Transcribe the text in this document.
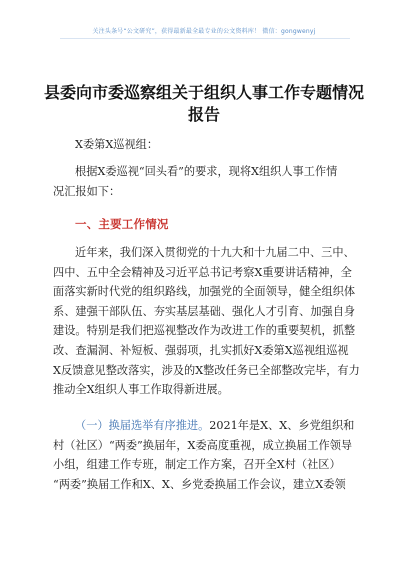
关注头条号“公文研究”，获得最新最全最专业的公文资料库！ 微信：gongwenyj
县委向市委巡察组关于组织人事工作专题情况
报告
X委第X巡视组：
根据X委巡视“回头看”的要求，现将X组织人事工作情
况汇报如下：
一、主要工作情况
近年来，我们深入贯彻党的十九大和十九届二中、三中、
四中、五中全会精神及习近平总书记考察X重要讲话精神，全
面落实新时代党的组织路线，加强党的全面领导，健全组织体
系、建强干部队伍、夯实基层基础、强化人才引育、加强自身
建设。特别是我们把巡视整改作为改进工作的重要契机，抓整
改、查漏洞、补短板、强弱项，扎实抓好X委第X巡视组巡视
X反馈意见整改落实，涉及的X整改任务已全部整改完毕，有力
推动全X组织人事工作取得新进展。
（一）换届选举有序推进。2021年是X、X、乡党组织和
村（社区）“两委”换届年，X委高度重视，成立换届工作领导
小组，组建工作专班，制定工作方案，召开全X村（社区）
“两委”换届工作和X、X、乡党委换届工作会议，建立X委领
